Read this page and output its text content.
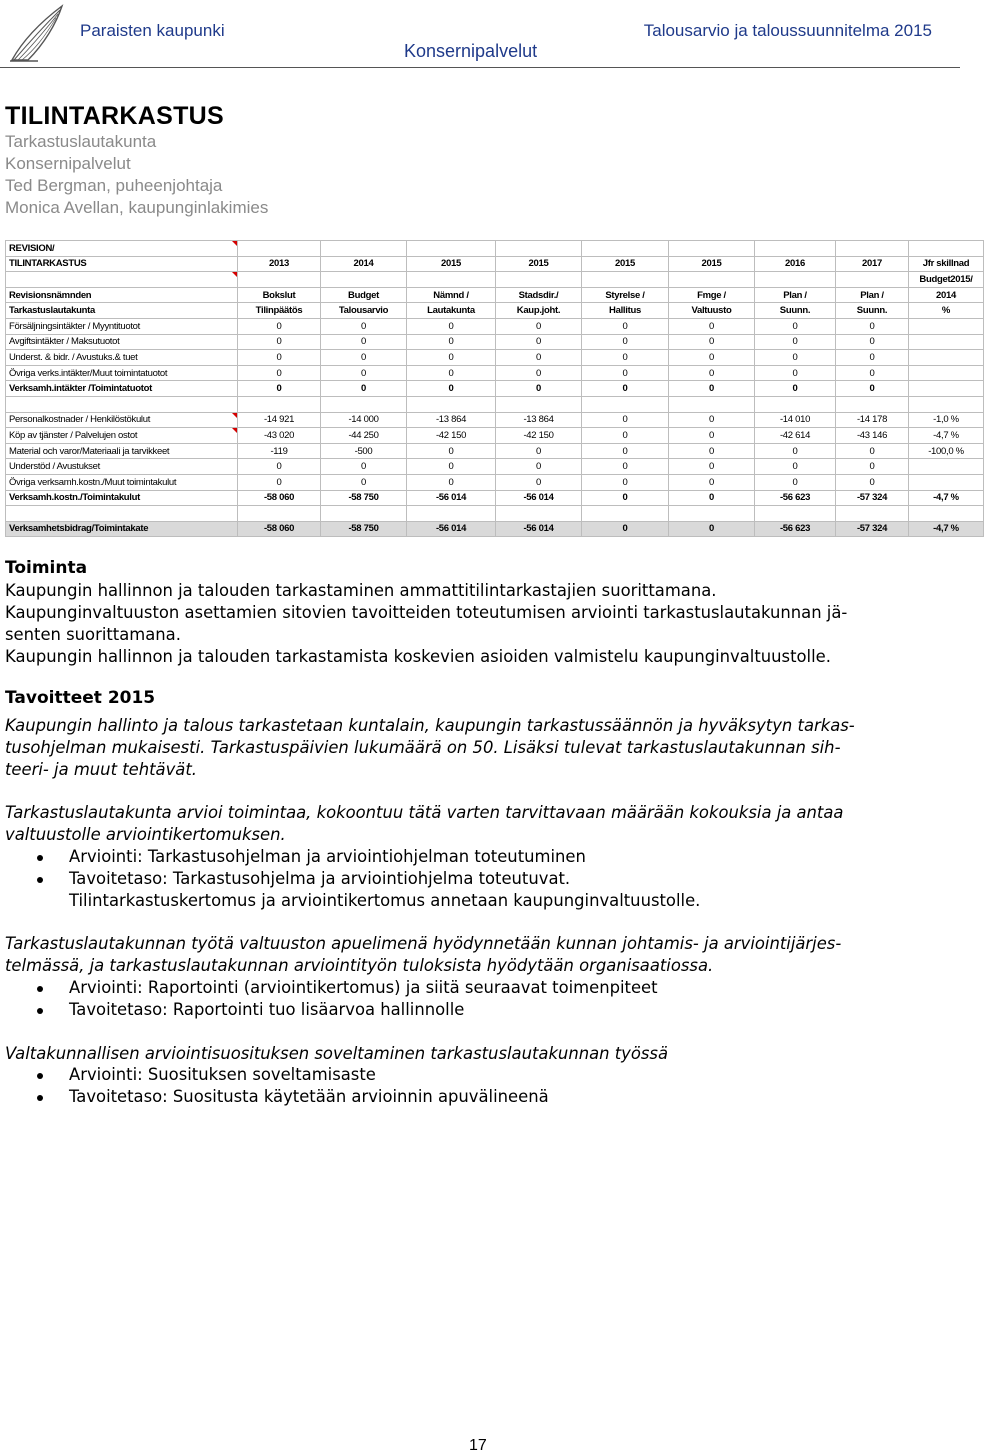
Paraisten kaupunki
Konsernipalvelut
Talousarvio ja taloussuunnitelma 2015
TILINTARKASTUS
Tarkastuslautakunta
Konsernipalvelut
Ted Bergman, puheenjohtaja
Monica Avellan, kaupunginlakimies
REVISION/

TILINTARKASTUS	2013	2014	2015	2015	2015	2015	2016	2017	Jfr skillnad

									Budget2015/
Revisionsnämnden	Bokslut	Budget	Nämnd /	Stadsdir./	Styrelse /	Fmge /	Plan /	Plan /	2014
Tarkastuslautakunta	Tilinpäätös	Talousarvio	Lautakunta	Kaup.joht.	Hallitus	Valtuusto	Suunn.	Suunn.	%
Försäljningsintäkter / Myyntituotot	0	0	0	0	0	0	0	0	
Avgiftsintäkter / Maksutuotot	0	0	0	0	0	0	0	0	
Underst. & bidr. / Avustuks.& tuet	0	0	0	0	0	0	0	0	
Övriga verks.intäkter/Muut toimintatuotot	0	0	0	0	0	0	0	0	
Verksamh.intäkter /Toimintatuotot	0	0	0	0	0	0	0	0	

Personalkostnader / Henkilöstökulut	-14 921	-14 000	-13 864	-13 864	0	0	-14 010	-14 178	-1,0 %
Köp av tjänster / Palvelujen ostot	-43 020	-44 250	-42 150	-42 150	0	0	-42 614	-43 146	-4,7 %
Material och varor/Materiaali ja tarvikkeet	-119	-500	0	0	0	0	0	0	-100,0 %
Understöd / Avustukset	0	0	0	0	0	0	0	0	
Övriga verksamh.kostn./Muut toimintakulut	0	0	0	0	0	0	0	0	
Verksamh.kostn./Toimintakulut	-58 060	-58 750	-56 014	-56 014	0	0	-56 623	-57 324	-4,7 %

Verksamhetsbidrag/Toimintakate	-58 060	-58 750	-56 014	-56 014	0	0	-56 623	-57 324	-4,7 %
Toiminta
Kaupungin hallinnon ja talouden tarkastaminen ammattitilintarkastajien suorittamana.
Kaupunginvaltuuston asettamien sitovien tavoitteiden toteutumisen arviointi tarkastuslautakunnan jä-
senten suorittamana.
Kaupungin hallinnon ja talouden tarkastamista koskevien asioiden valmistelu kaupunginvaltuustolle.
Tavoitteet 2015
Kaupungin hallinto ja talous tarkastetaan kuntalain, kaupungin tarkastussäännön ja hyväksytyn tarkas-
tusohjelman mukaisesti. Tarkastuspäivien lukumäärä on 50. Lisäksi tulevat tarkastuslautakunnan sih-
teeri- ja muut tehtävät.
Tarkastuslautakunta arvioi toimintaa, kokoontuu tätä varten tarvittavaan määrään kokouksia ja antaa
valtuustolle arviointikertomuksen.
Arviointi: Tarkastusohjelman ja arviointiohjelman toteutuminen
Tavoitetaso: Tarkastusohjelma ja arviointiohjelma toteutuvat.
Tilintarkastuskertomus ja arviointikertomus annetaan kaupunginvaltuustolle.
Tarkastuslautakunnan työtä valtuuston apuelimenä hyödynnetään kunnan johtamis- ja arviointijärjes-
telmässä, ja tarkastuslautakunnan arviointityön tuloksista hyödytään organisaatiossa.
Arviointi: Raportointi (arviointikertomus) ja siitä seuraavat toimenpiteet
Tavoitetaso: Raportointi tuo lisäarvoa hallinnolle
Valtakunnallisen arviointisuosituksen soveltaminen tarkastuslautakunnan työssä
Arviointi: Suosituksen soveltamisaste
Tavoitetaso: Suositusta käytetään arvioinnin apuvälineenä
17
